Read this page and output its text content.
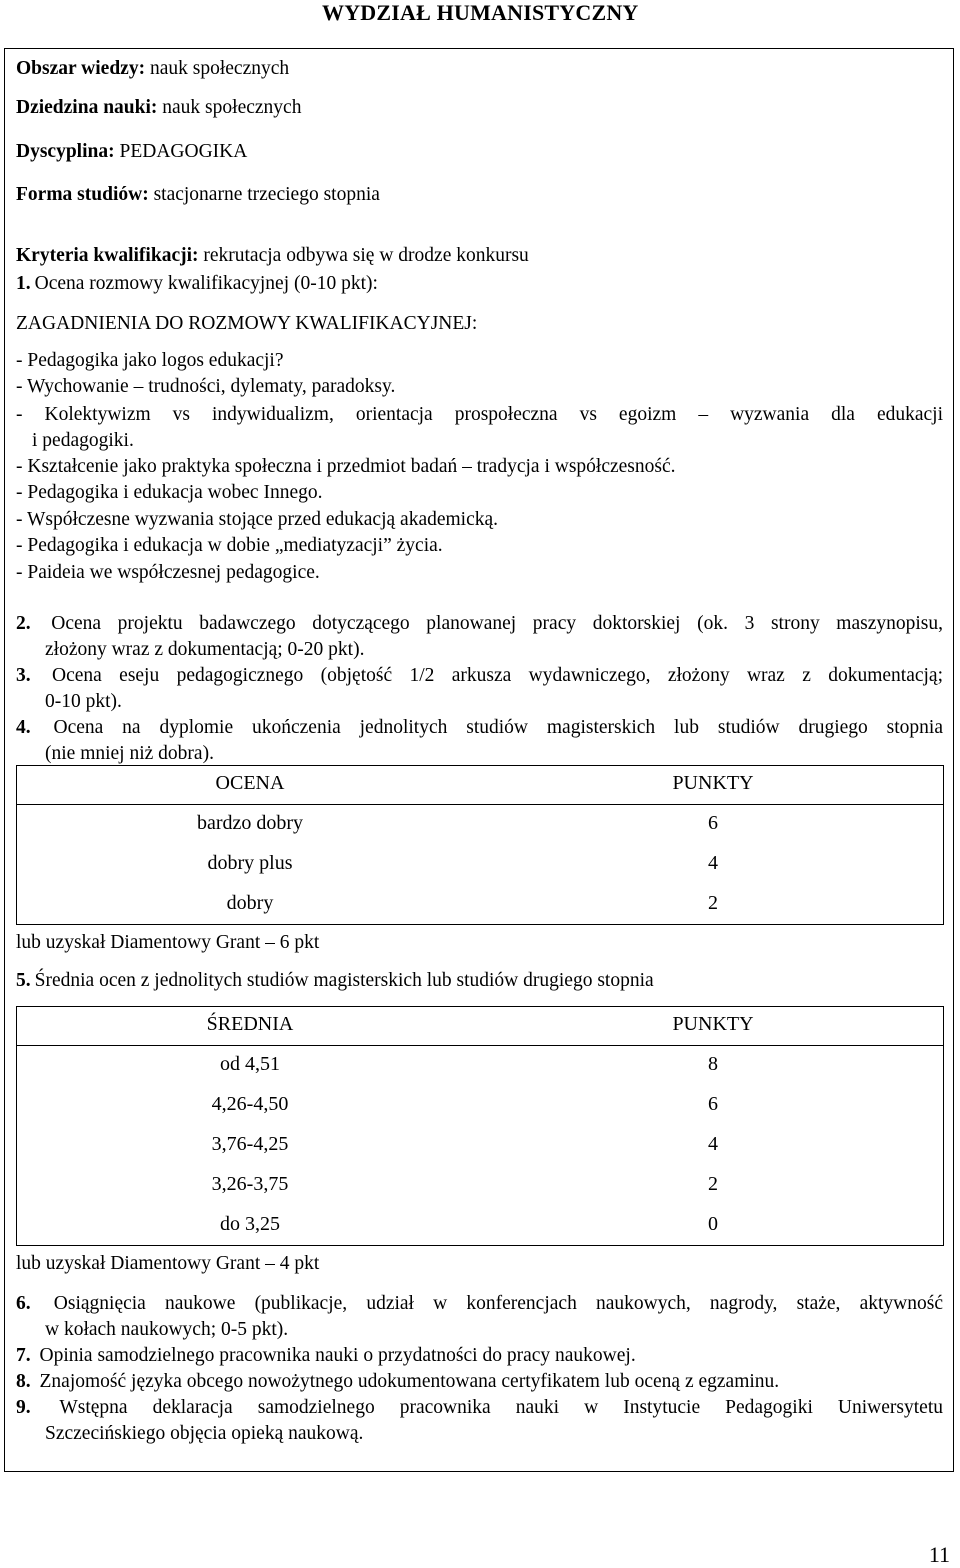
WYDZIAŁ HUMANISTYCZNY
Obszar wiedzy: nauk społecznych
Dziedzina nauki: nauk społecznych
Dyscyplina: PEDAGOGIKA
Forma studiów: stacjonarne trzeciego stopnia
Kryteria kwalifikacji: rekrutacja odbywa się w drodze konkursu
1. Ocena rozmowy kwalifikacyjnej (0-10 pkt):
ZAGADNIENIA DO ROZMOWY KWALIFIKACYJNEJ:
- Pedagogika jako logos edukacji?
- Wychowanie – trudności, dylematy, paradoksy.
- Kolektywizm vs indywidualizm, orientacja prospołeczna vs egoizm – wyzwania dla edukacji
i pedagogiki.
- Kształcenie jako praktyka społeczna i przedmiot badań – tradycja i współczesność.
- Pedagogika i edukacja wobec Innego.
- Współczesne wyzwania stojące przed edukacją akademicką.
- Pedagogika i edukacja w dobie „mediatyzacji” życia.
- Paideia we współczesnej pedagogice.
2. Ocena projektu badawczego dotyczącego planowanej pracy doktorskiej (ok. 3 strony maszynopisu,
złożony wraz z dokumentacją; 0-20 pkt).
3. Ocena eseju pedagogicznego (objętość 1/2 arkusza wydawniczego, złożony wraz z dokumentacją;
0-10 pkt).
4. Ocena na dyplomie ukończenia jednolitych studiów magisterskich lub studiów drugiego stopnia
(nie mniej niż dobra).
OCENA	PUNKTY
bardzo dobry	6
dobry plus	4
dobry	2
lub uzyskał Diamentowy Grant – 6 pkt
5. Średnia ocen z jednolitych studiów magisterskich lub studiów drugiego stopnia
ŚREDNIA	PUNKTY
od 4,51	8
4,26-4,50	6
3,76-4,25	4
3,26-3,75	2
do 3,25	0
lub uzyskał Diamentowy Grant – 4 pkt
6. Osiągnięcia naukowe (publikacje, udział w konferencjach naukowych, nagrody, staże, aktywność
w kołach naukowych; 0-5 pkt).
7. Opinia samodzielnego pracownika nauki o przydatności do pracy naukowej.
8. Znajomość języka obcego nowożytnego udokumentowana certyfikatem lub oceną z egzaminu.
9. Wstępna deklaracja samodzielnego pracownika nauki w Instytucie Pedagogiki Uniwersytetu
Szczecińskiego objęcia opieką naukową.
11
